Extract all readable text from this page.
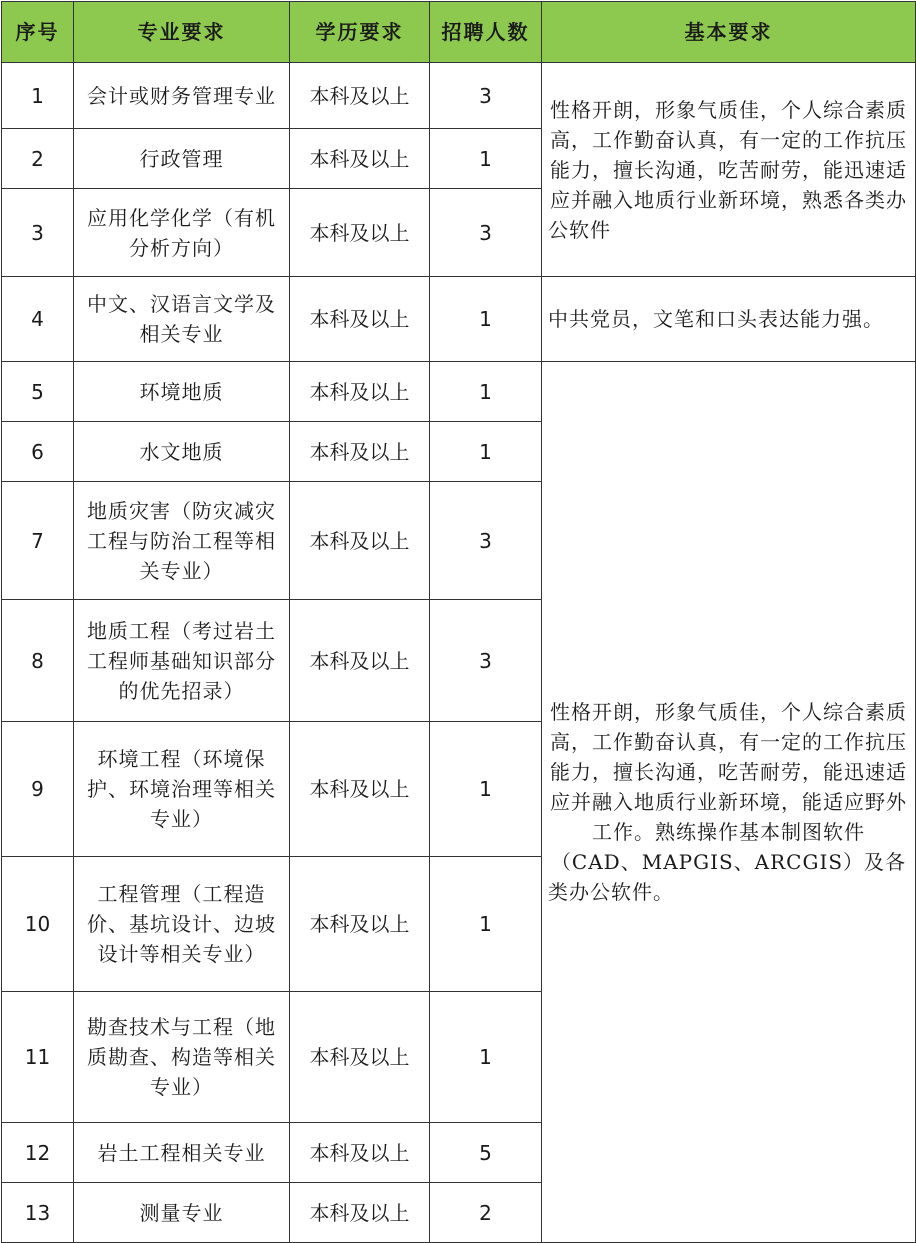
序号	专业要求	学历要求	招聘人数	基本要求
1	会计或财务管理专业	本科及以上	3	性格开朗，形象气质佳，个人综合素质高，工作勤奋认真，有一定的工作抗压能力，擅长沟通，吃苦耐劳，能迅速适应并融入地质行业新环境，熟悉各类办公软件
2	行政管理	本科及以上	1	
3	应用化学化学（有机分析方向）	本科及以上	3	
4	中文、汉语言文学及相关专业	本科及以上	1	中共党员，文笔和口头表达能力强。
5	环境地质	本科及以上	1	性格开朗，形象气质佳，个人综合素质高，工作勤奋认真，有一定的工作抗压能力，擅长沟通，吃苦耐劳，能迅速适应并融入地质行业新环境，能适应野外工作。熟练操作基本制图软件（CAD、MAPGIS、ARCGIS）及各类办公软件。
6	水文地质	本科及以上	1	
7	地质灾害（防灾减灾工程与防治工程等相关专业）	本科及以上	3	
8	地质工程（考过岩土工程师基础知识部分的优先招录）	本科及以上	3	
9	环境工程（环境保护、环境治理等相关专业）	本科及以上	1	
10	工程管理（工程造价、基坑设计、边坡设计等相关专业）	本科及以上	1	
11	勘查技术与工程（地质勘查、构造等相关专业）	本科及以上	1	
12	岩土工程相关专业	本科及以上	5	
13	测量专业	本科及以上	2	
